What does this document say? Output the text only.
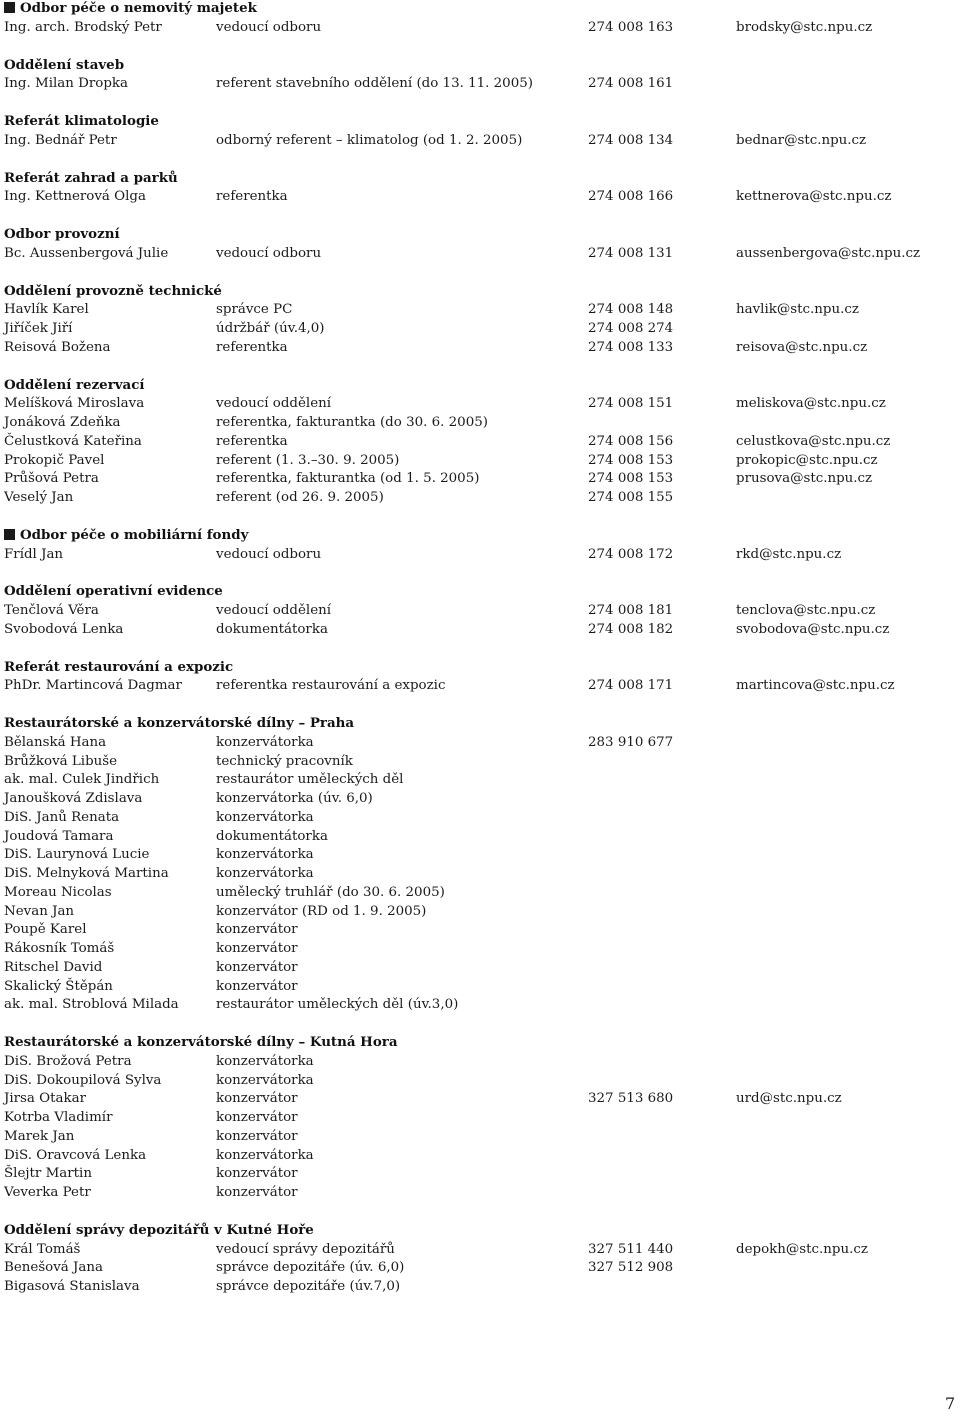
Odbor péče o nemovitý majetek
Ing. arch. Brodský Petr	vedoucí odboru	274 008 163	brodsky@stc.npu.cz
Oddělení staveb
Ing. Milan Dropka	referent stavebního oddělení (do 13. 11. 2005)	274 008 161
Referát klimatologie
Ing. Bednář Petr	odborný referent – klimatolog (od 1. 2. 2005)	274 008 134	bednar@stc.npu.cz
Referát zahrad a parků
Ing. Kettnerová Olga	referentka	274 008 166	kettnerova@stc.npu.cz
Odbor provozní
Bc. Aussenbergová Julie	vedoucí odboru	274 008 131	aussenbergova@stc.npu.cz
Oddělení provozně technické
Havlík Karel	správce PC	274 008 148	havlik@stc.npu.cz
Jiříček Jiří	údržbář (úv.4,0)	274 008 274
Reisová Božena	referentka	274 008 133	reisova@stc.npu.cz
Oddělení rezervací
Melíšková Miroslava	vedoucí oddělení	274 008 151	meliskova@stc.npu.cz
Jonáková Zdeňka	referentka, fakturantka (do 30. 6. 2005)
Čelustková Kateřina	referentka	274 008 156	celustkova@stc.npu.cz
Prokopič Pavel	referent (1. 3.–30. 9. 2005)	274 008 153	prokopic@stc.npu.cz
Průšová Petra	referentka, fakturantka (od 1. 5. 2005)	274 008 153	prusova@stc.npu.cz
Veselý Jan	referent (od 26. 9. 2005)	274 008 155
Odbor péče o mobiliární fondy
Frídl Jan	vedoucí odboru	274 008 172	rkd@stc.npu.cz
Oddělení operativní evidence
Tenčlová Věra	vedoucí oddělení	274 008 181	tenclova@stc.npu.cz
Svobodová Lenka	dokumentátorka	274 008 182	svobodova@stc.npu.cz
Referát restaurování a expozic
PhDr. Martincová Dagmar	referentka restaurování a expozic	274 008 171	martincova@stc.npu.cz
Restaurátorské a konzervátorské dílny – Praha
Bělanská Hana	konzervátorka	283 910 677
Brůžková Libuše	technický pracovník
ak. mal. Culek Jindřich	restaurátor uměleckých děl
Janoušková Zdislava	konzervátorka (úv. 6,0)
DiS. Janů Renata	konzervátorka
Joudová Tamara	dokumentátorka
DiS. Laurynová Lucie	konzervátorka
DiS. Melnyková Martina	konzervátorka
Moreau Nicolas	umělecký truhlář (do 30. 6. 2005)
Nevan Jan	konzervátor (RD od 1. 9. 2005)
Poupě Karel	konzervátor
Rákosník Tomáš	konzervátor
Ritschel David	konzervátor
Skalický Štěpán	konzervátor
ak. mal. Stroblová Milada	restaurátor uměleckých děl (úv.3,0)
Restaurátorské a konzervátorské dílny – Kutná Hora
DiS. Brožová Petra	konzervátorka
DiS. Dokoupilová Sylva	konzervátorka
Jirsa Otakar	konzervátor	327 513 680	urd@stc.npu.cz
Kotrba Vladimír	konzervátor
Marek Jan	konzervátor
DiS. Oravcová Lenka	konzervátorka
Šlejtr Martin	konzervátor
Veverka Petr	konzervátor
Oddělení správy depozitářů v Kutné Hoře
Král Tomáš	vedoucí správy depozitářů	327 511 440	depokh@stc.npu.cz
Benešová Jana	správce depozitáře (úv. 6,0)	327 512 908
Bigasová Stanislava	správce depozitáře (úv.7,0)
7
